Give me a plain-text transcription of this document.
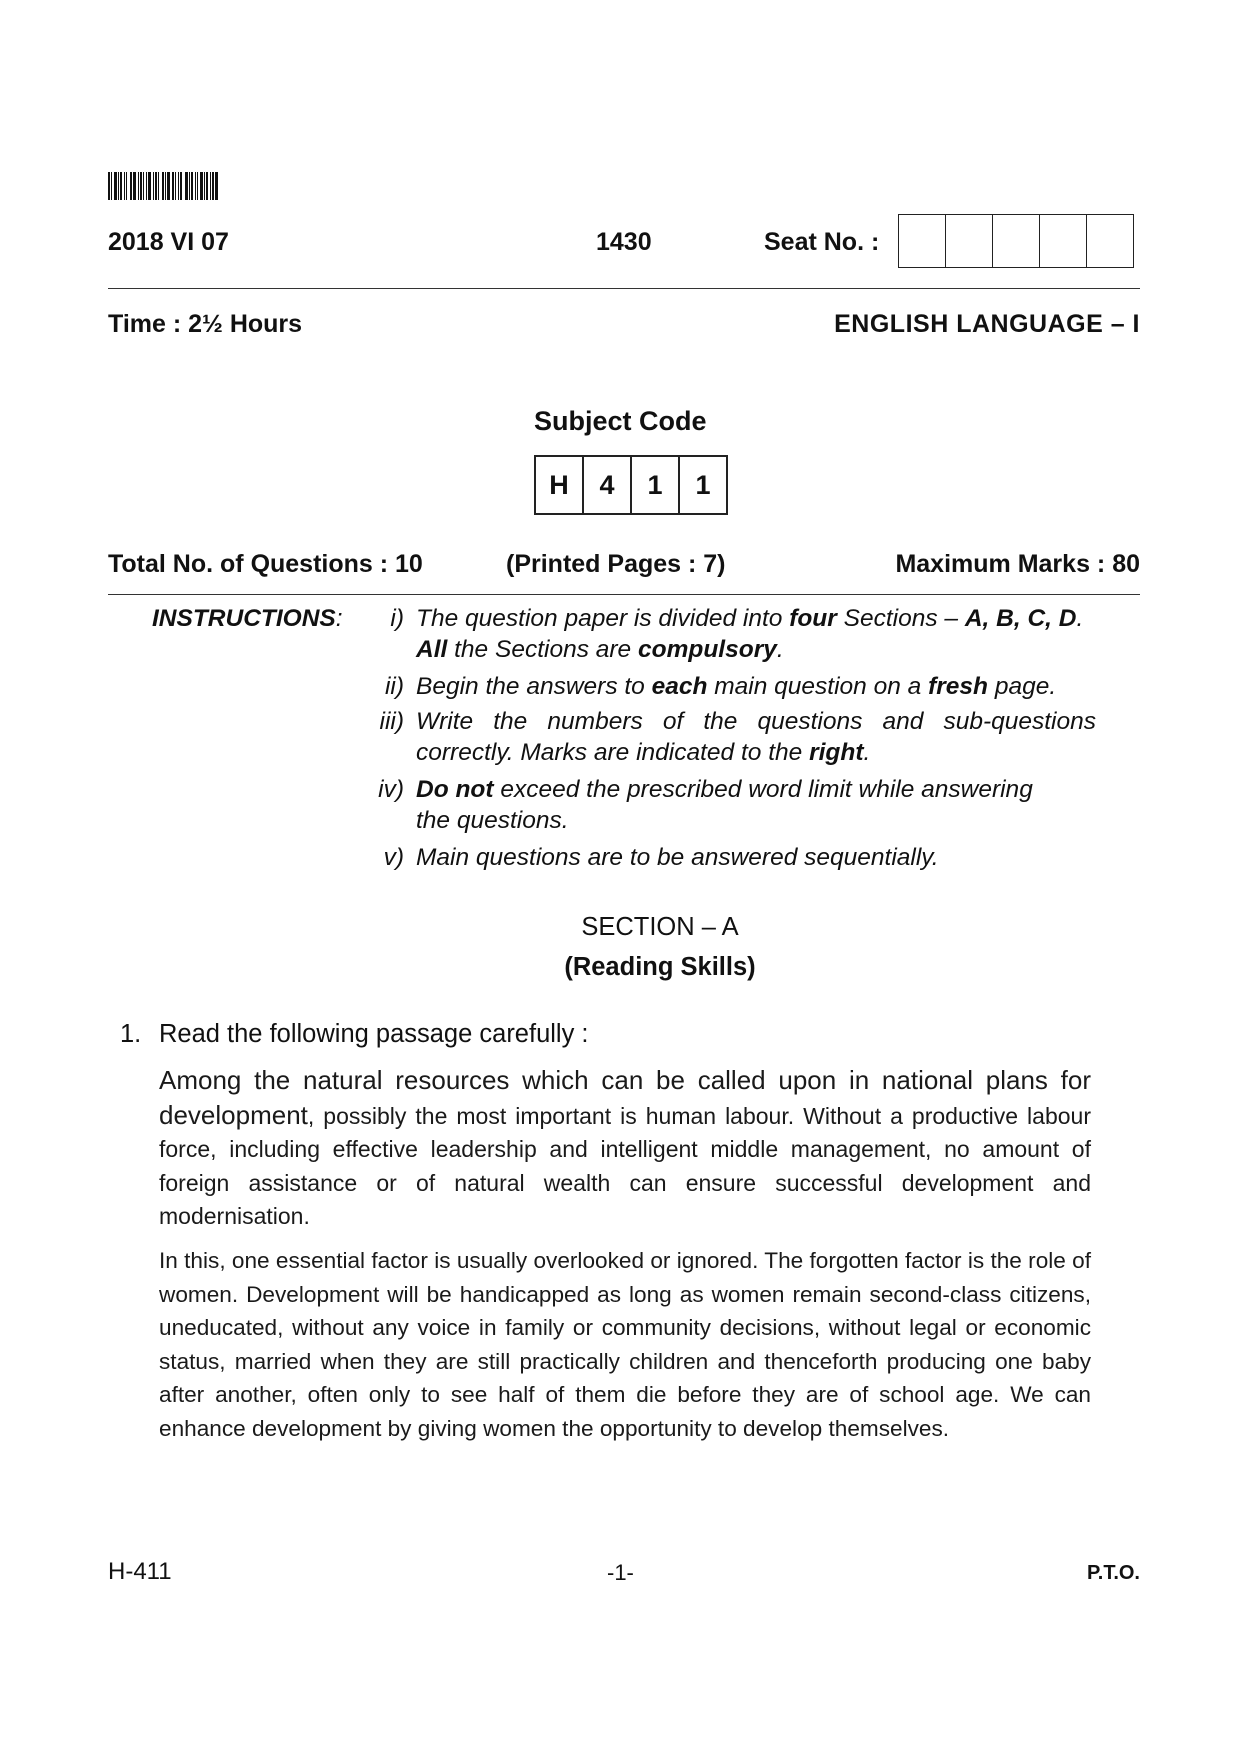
2018 VI 07	1430	Seat No. :
Time : 2½ Hours	ENGLISH LANGUAGE – I
Subject Code
H	4	1	1
Total No. of Questions : 10	(Printed Pages : 7)	Maximum Marks : 80
INSTRUCTIONS:	i) The question paper is divided into four Sections – A, B, C, D.
All the Sections are compulsory.
ii) Begin the answers to each main question on a fresh page.
iii) Write the numbers of the questions and sub-questions
correctly. Marks are indicated to the right.
iv) Do not exceed the prescribed word limit while answering
the questions.
v) Main questions are to be answered sequentially.
SECTION – A
(Reading Skills)
1. Read the following passage carefully :
Among the natural resources which can be called upon in national plans for development, possibly the most important is human labour. Without a productive labour force, including effective leadership and intelligent middle management, no amount of foreign assistance or of natural wealth can ensure successful development and modernisation.
In this, one essential factor is usually overlooked or ignored. The forgotten factor is the role of women. Development will be handicapped as long as women remain second-class citizens, uneducated, without any voice in family or community decisions, without legal or economic status, married when they are still practically children and thenceforth producing one baby after another, often only to see half of them die before they are of school age. We can enhance development by giving women the opportunity to develop themselves.
H-411	-1-	P.T.O.
